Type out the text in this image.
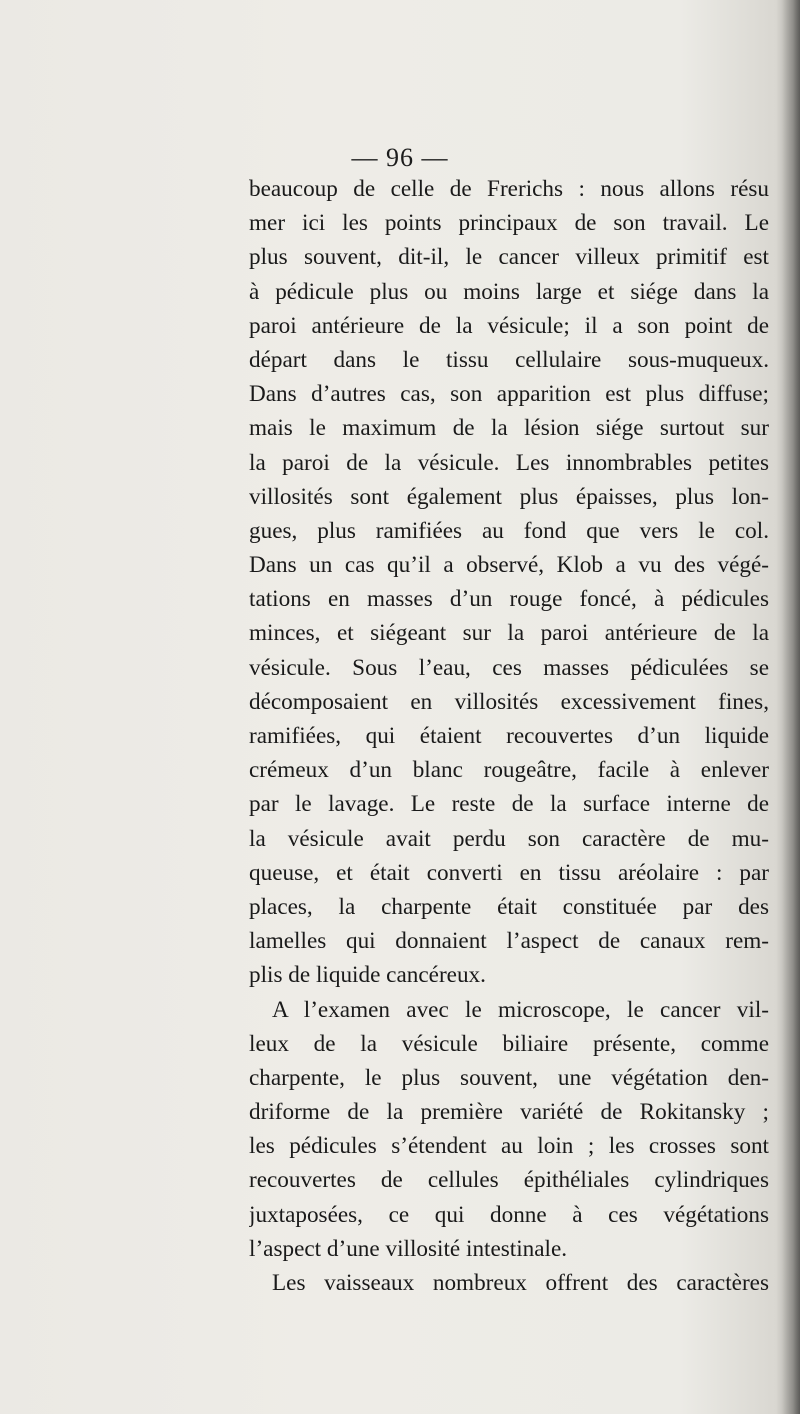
— 96 —
beaucoup de celle de Frerichs : nous allons résu
mer ici les points principaux de son travail. Le
plus souvent, dit-il, le cancer villeux primitif est
à pédicule plus ou moins large et siége dans la
paroi antérieure de la vésicule; il a son point de
départ dans le tissu cellulaire sous-muqueux.
Dans d’autres cas, son apparition est plus diffuse;
mais le maximum de la lésion siége surtout sur
la paroi de la vésicule. Les innombrables petites
villosités sont également plus épaisses, plus lon-
gues, plus ramifiées au fond que vers le col.
Dans un cas qu’il a observé, Klob a vu des végé-
tations en masses d’un rouge foncé, à pédicules
minces, et siégeant sur la paroi antérieure de la
vésicule. Sous l’eau, ces masses pédiculées se
décomposaient en villosités excessivement fines,
ramifiées, qui étaient recouvertes d’un liquide
crémeux d’un blanc rougeâtre, facile à enlever
par le lavage. Le reste de la surface interne de
la vésicule avait perdu son caractère de mu-
queuse, et était converti en tissu aréolaire : par
places, la charpente était constituée par des
lamelles qui donnaient l’aspect de canaux rem-
plis de liquide cancéreux.
A l’examen avec le microscope, le cancer vil-
leux de la vésicule biliaire présente, comme
charpente, le plus souvent, une végétation den-
driforme de la première variété de Rokitansky ;
les pédicules s’étendent au loin ; les crosses sont
recouvertes de cellules épithéliales cylindriques
juxtaposées, ce qui donne à ces végétations
l’aspect d’une villosité intestinale.
Les vaisseaux nombreux offrent des caractères
